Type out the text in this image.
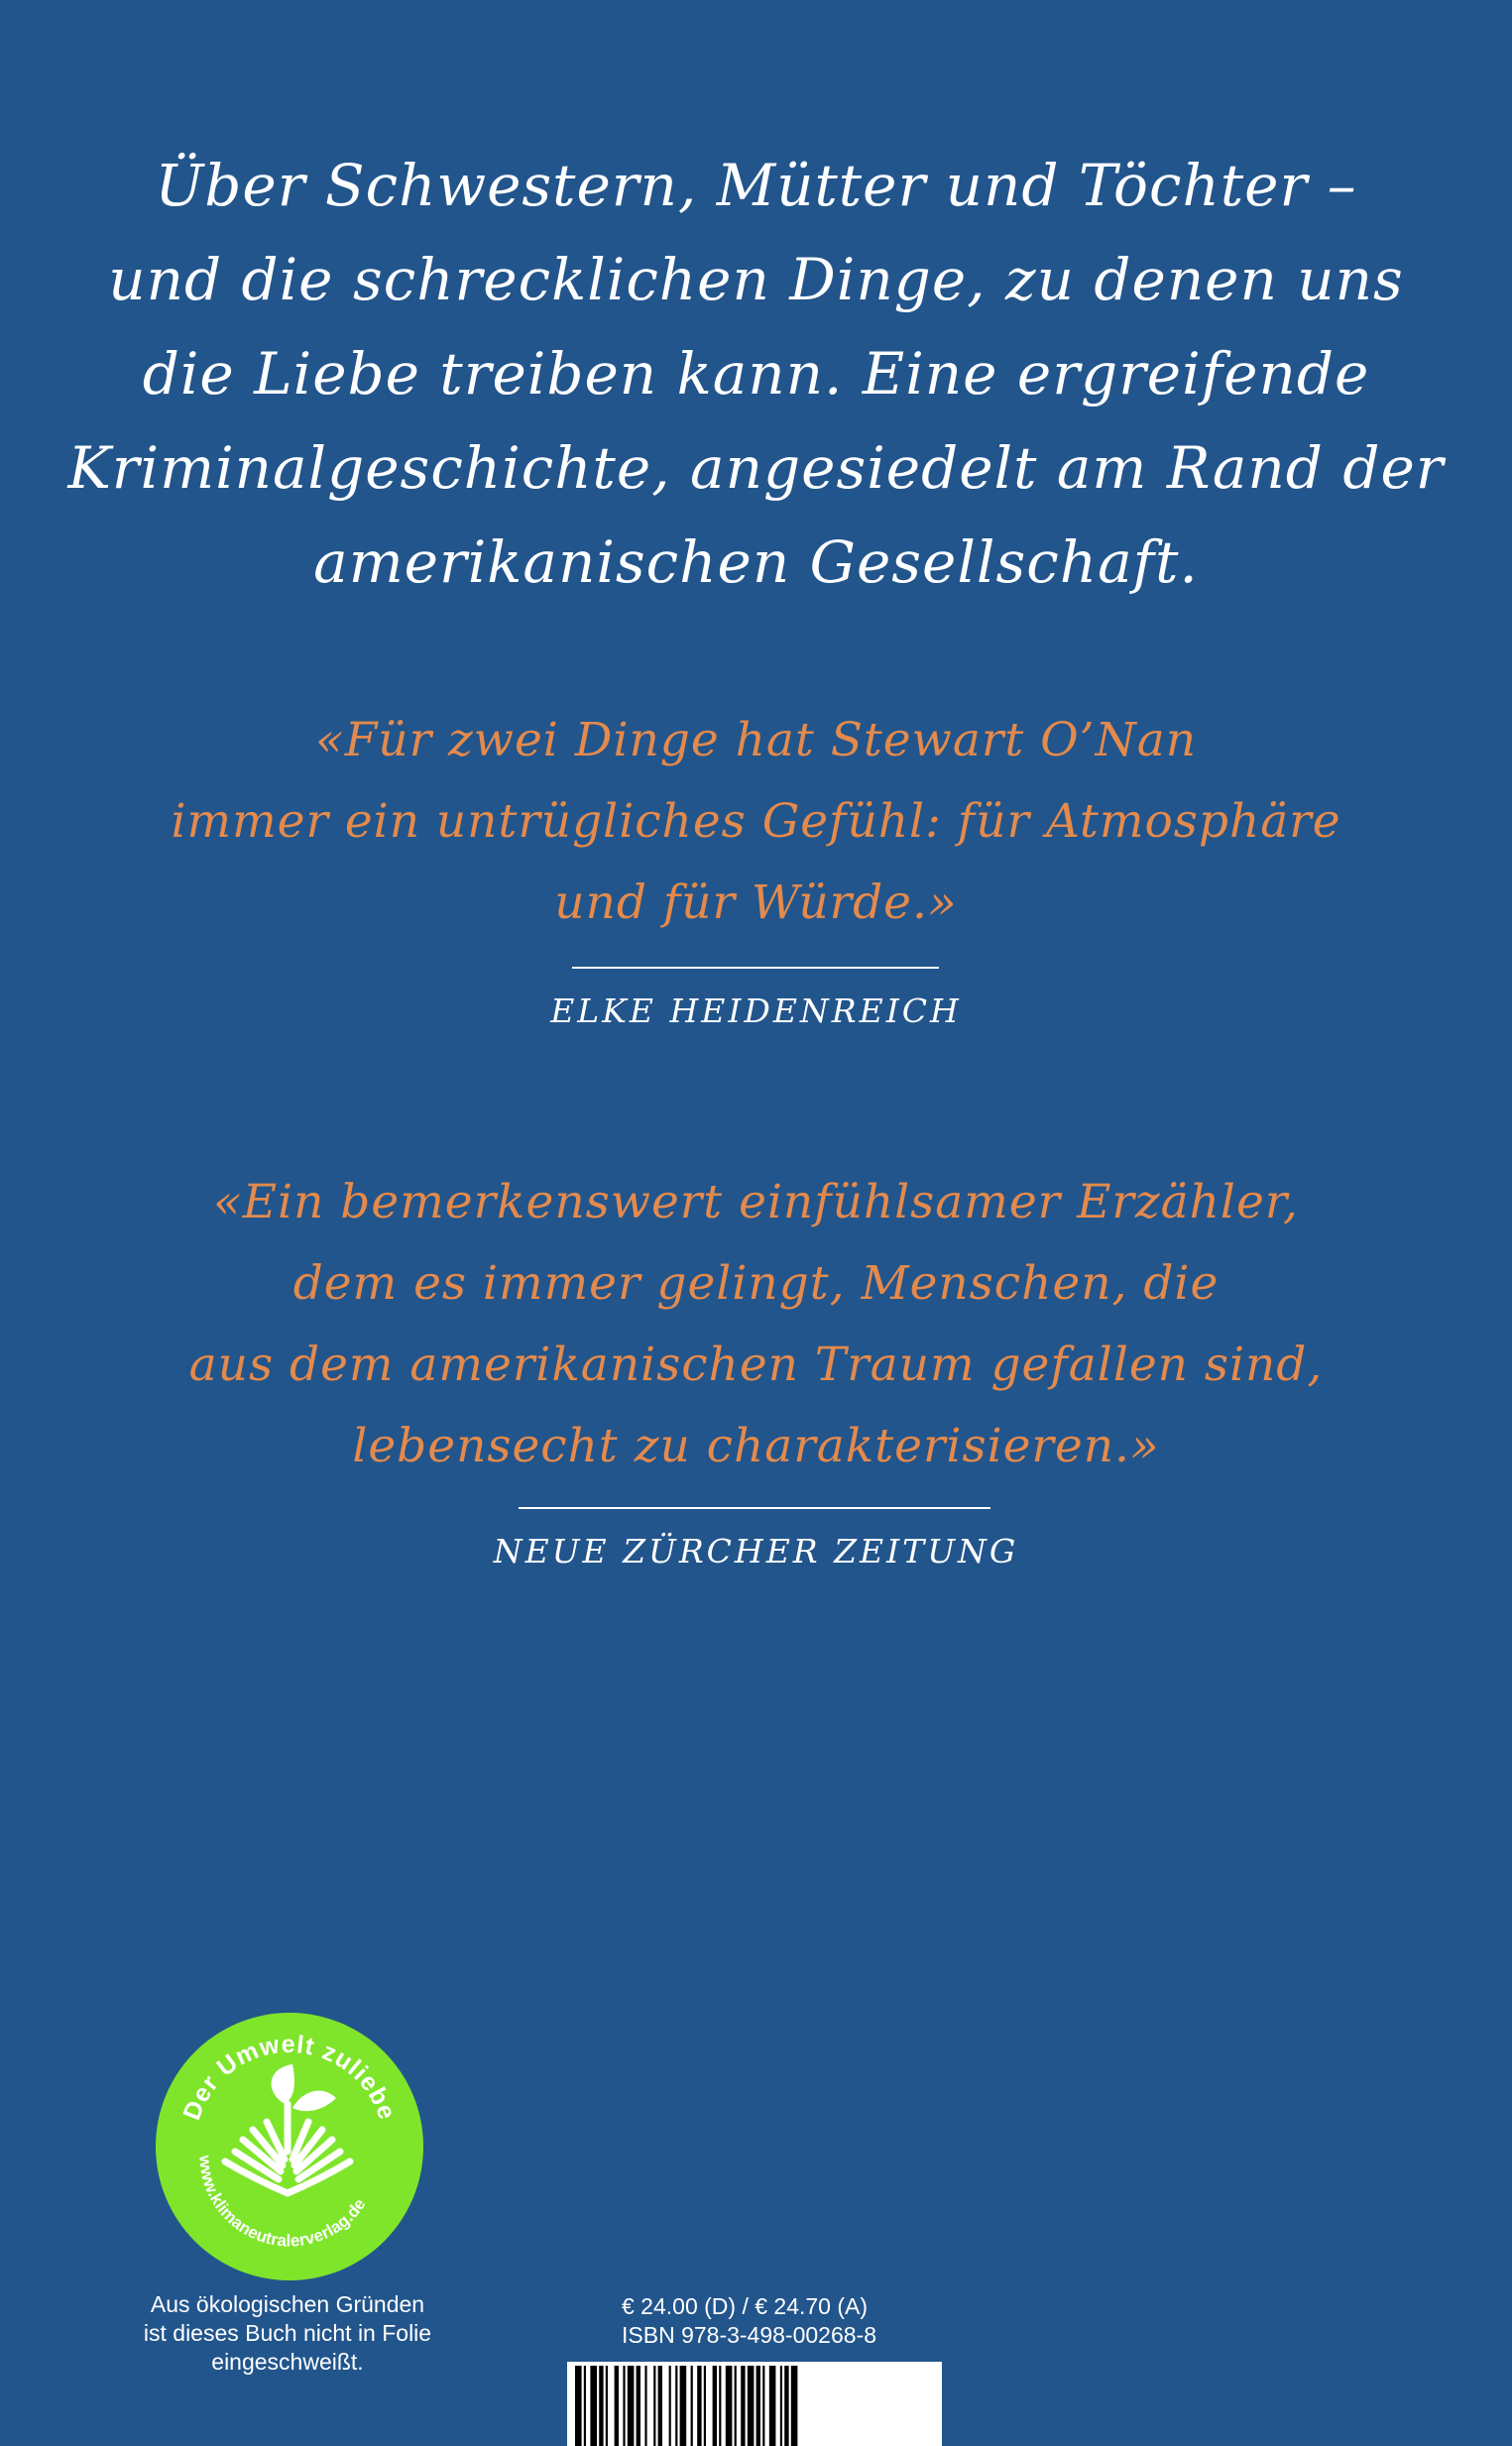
Über Schwestern, Mütter und Töchter –
und die schrecklichen Dinge, zu denen uns
die Liebe treiben kann. Eine ergreifende
Kriminalgeschichte, angesiedelt am Rand der
amerikanischen Gesellschaft.
«Für zwei Dinge hat Stewart O’Nan
immer ein untrügliches Gefühl: für Atmosphäre
und für Würde.»
ELKE HEIDENREICH
«Ein bemerkenswert einfühlsamer Erzähler,
dem es immer gelingt, Menschen, die
aus dem amerikanischen Traum gefallen sind,
lebensecht zu charakterisieren.»
NEUE ZÜRCHER ZEITUNG
Der Umwelt zuliebe
www.klimaneutralerverlag.de
Aus ökologischen Gründen
ist dieses Buch nicht in Folie
eingeschweißt.
€ 24.00 (D) / € 24.70 (A)
ISBN 978-3-498-00268-8
